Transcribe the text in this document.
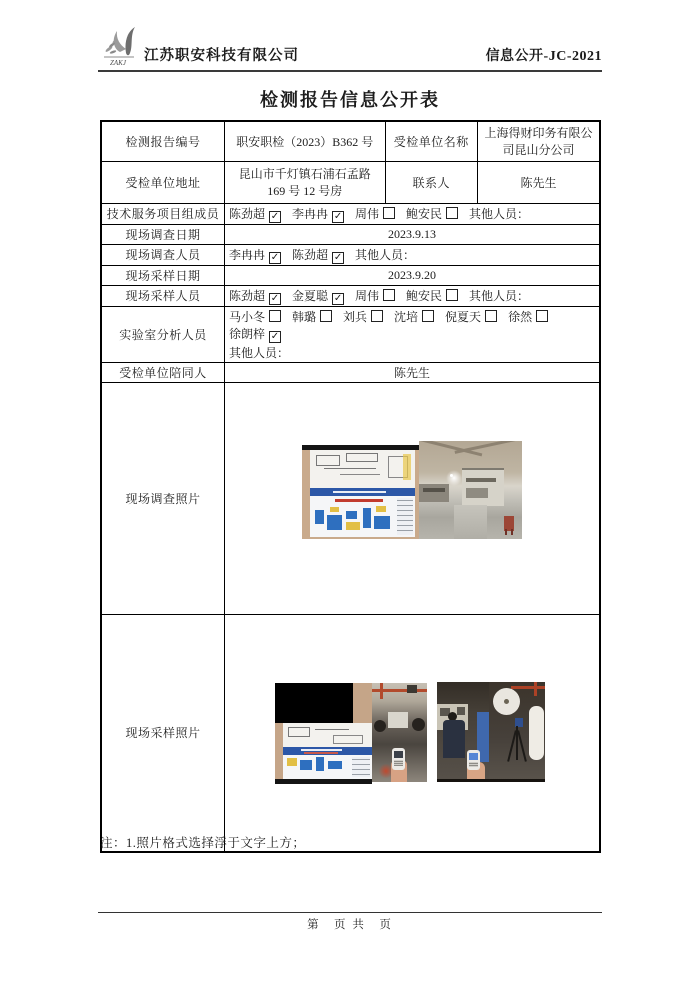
ZAKJ 江苏职安科技有限公司	信息公开-JC-2021
检测报告信息公开表
检测报告编号	职安职检（2023）B362 号	受检单位名称	上海得财印务有限公司昆山分公司
受检单位地址	昆山市千灯镇石浦石孟路 169 号 12 号房	联系人	陈先生
技术服务项目组成员	陈劲超 ✓ 李冉冉 ✓ 周伟 鲍安民 其他人员：		
现场调查日期	2023.9.13		
现场调查人员	李冉冉 ✓ 陈劲超 ✓ 其他人员：		
现场采样日期	2023.9.20		
现场采样人员	陈劲超 ✓ 金夏聪 ✓ 周伟 鲍安民 其他人员：		
实验室分析人员	马小冬 韩璐 刘兵 沈培 倪夏天 徐然徐朗梓 ✓
其他人员：		

受检单位陪同人	陈先生		
现场调查照片			

现场采样照片			
注：1.照片格式选择浮于文字上方；
第　页 共　页
